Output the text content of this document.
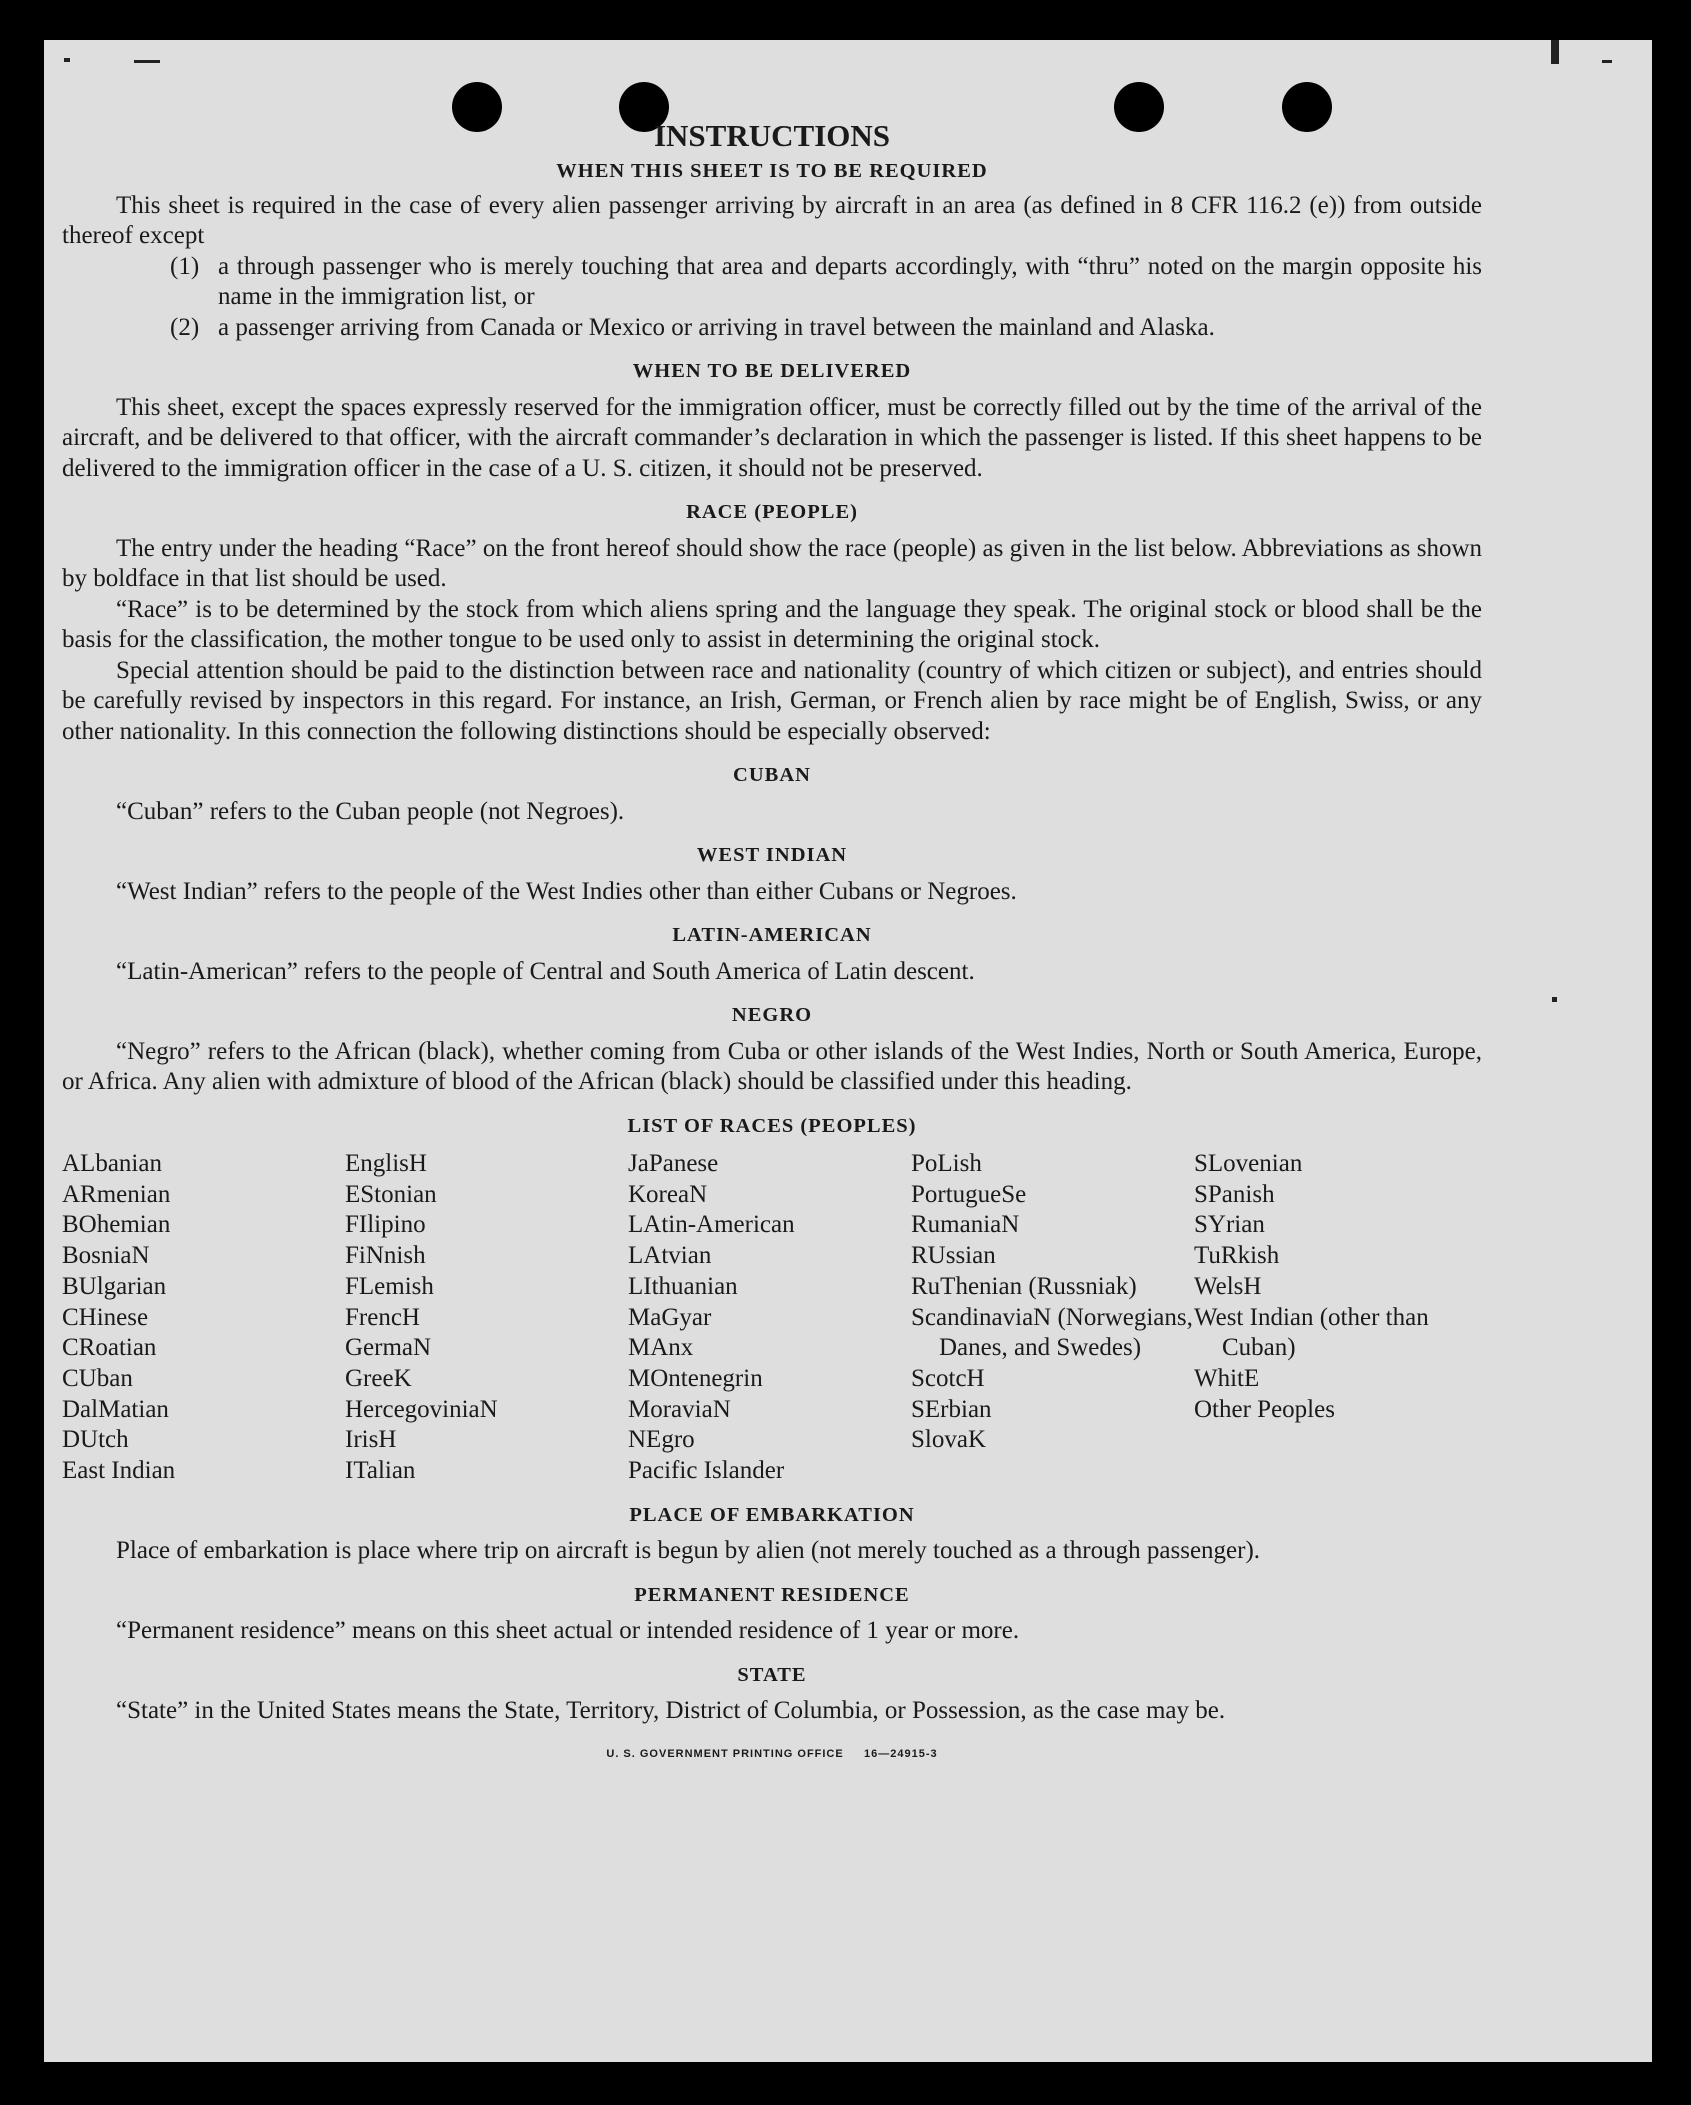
INSTRUCTIONS
WHEN THIS SHEET IS TO BE REQUIRED

This sheet is required in the case of every alien passenger arriving by aircraft in an area (as defined in 8 CFR 116.2 (e)) from outside thereof except

(1) a through passenger who is merely touching that area and departs accordingly, with “thru” noted on the margin opposite his name in the immigration list, or
(2) a passenger arriving from Canada or Mexico or arriving in travel between the mainland and Alaska.
WHEN TO BE DELIVERED

This sheet, except the spaces expressly reserved for the immigration officer, must be correctly filled out by the time of the arrival of the aircraft, and be delivered to that officer, with the aircraft commander’s declaration in which the passenger is listed. If this sheet happens to be delivered to the immigration officer in the case of a U. S. citizen, it should not be preserved.

RACE (PEOPLE)

The entry under the heading “Race” on the front hereof should show the race (people) as given in the list below. Abbreviations as shown by boldface in that list should be used.

“Race” is to be determined by the stock from which aliens spring and the language they speak. The original stock or blood shall be the basis for the classification, the mother tongue to be used only to assist in determining the original stock.

Special attention should be paid to the distinction between race and nationality (country of which citizen or subject), and entries should be carefully revised by inspectors in this regard. For instance, an Irish, German, or French alien by race might be of English, Swiss, or any other nationality. In this connection the following distinctions should be especially observed:

CUBAN

“Cuban” refers to the Cuban people (not Negroes).

WEST INDIAN

“West Indian” refers to the people of the West Indies other than either Cubans or Negroes.

LATIN-AMERICAN

“Latin-American” refers to the people of Central and South America of Latin descent.

NEGRO

“Negro” refers to the African (black), whether coming from Cuba or other islands of the West Indies, North or South America, Europe, or Africa. Any alien with admixture of blood of the African (black) should be classified under this heading.

LIST OF RACES (PEOPLES)
ALbanian
ARmenian
BOhemian
BosniaN
BUlgarian
CHinese
CRoatian
CUban
DalMatian
DUtch
East Indian
EnglisH
EStonian
FIlipino
FiNnish
FLemish
FrencH
GermaN
GreeK
HercegoviniaN
IrisH
ITalian
JaPanese
KoreaN
LAtin-American
LAtvian
LIthuanian
MaGyar
MAnx
MOntenegrin
MoraviaN
NEgro
Pacific Islander
PoLish
PortugueSe
RumaniaN
RUssian
RuThenian (Russniak)
ScandinaviaN (Norwegians, Danes, and Swedes)
ScotcH
SErbian
SlovaK
SLovenian
SPanish
SYrian
TuRkish
WelsH
West Indian (other than Cuban)
WhitE
Other Peoples
PLACE OF EMBARKATION

Place of embarkation is place where trip on aircraft is begun by alien (not merely touched as a through passenger).

PERMANENT RESIDENCE

“Permanent residence” means on this sheet actual or intended residence of 1 year or more.

STATE

“State” in the United States means the State, Territory, District of Columbia, or Possession, as the case may be.

U. S. GOVERNMENT PRINTING OFFICE     16—24915-3
